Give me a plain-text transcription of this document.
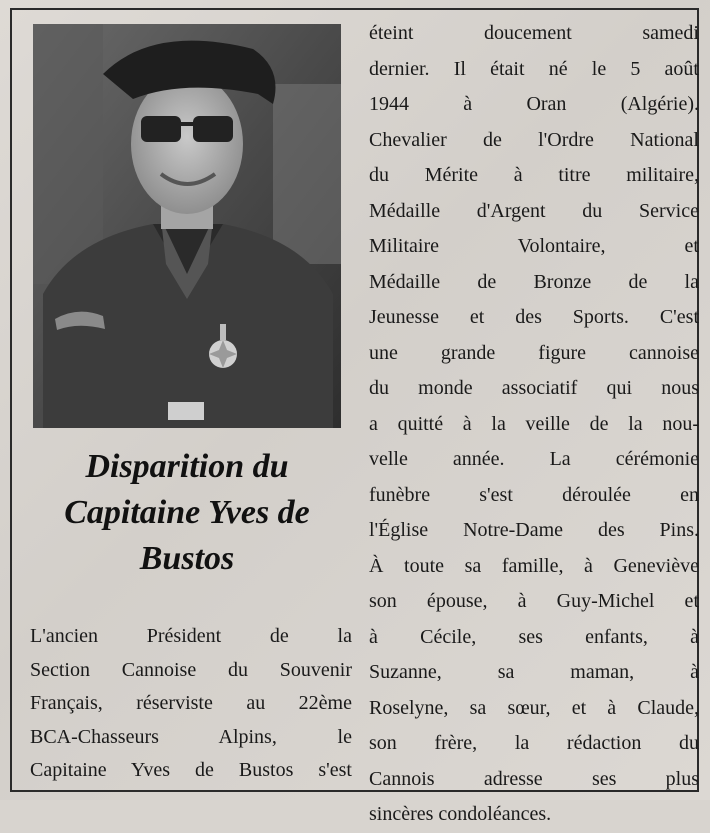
Disparition du
Capitaine Yves de
Bustos
L'ancien Président de la
Section Cannoise du Souvenir
Français, réserviste au 22ème
BCA-Chasseurs Alpins, le
Capitaine Yves de Bustos s'est
éteint doucement samedi
dernier. Il était né le 5 août
1944 à Oran (Algérie).
Chevalier de l'Ordre National
du Mérite à titre militaire,
Médaille d'Argent du Service
Militaire Volontaire, et
Médaille de Bronze de la
Jeunesse et des Sports. C'est
une grande figure cannoise
du monde associatif qui nous
a quitté à la veille de la nou-
velle année. La cérémonie
funèbre s'est déroulée en
l'Église Notre-Dame des Pins.
À toute sa famille, à Geneviève
son épouse, à Guy-Michel et
à Cécile, ses enfants, à
Suzanne, sa maman, à
Roselyne, sa sœur, et à Claude,
son frère, la rédaction du
Cannois adresse ses plus
sincères condoléances.
